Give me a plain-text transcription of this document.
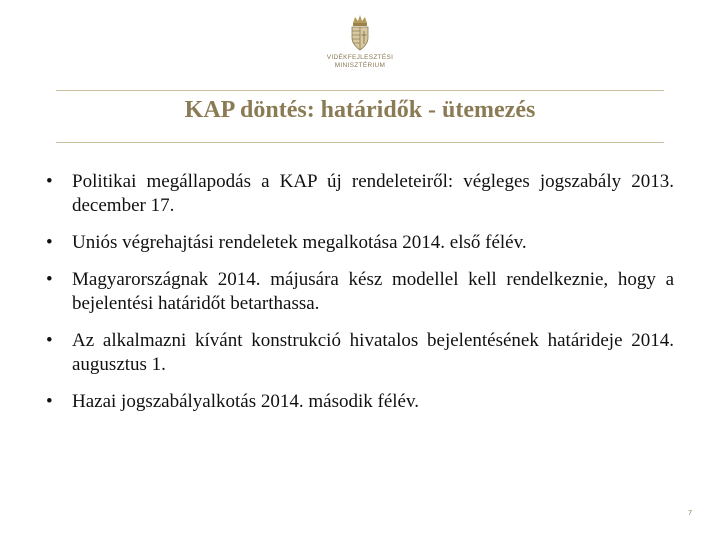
VIDÉKFEJLESZTÉSI
MINISZTÉRIUM
KAP döntés: határidők - ütemezés
• Politikai megállapodás a KAP új rendeleteiről: végleges jogszabály 2013. december 17.
• Uniós végrehajtási rendeletek megalkotása 2014. első félév.
• Magyarországnak 2014. májusára kész modellel kell rendelkeznie, hogy a bejelentési határidőt betarthassa.
• Az alkalmazni kívánt konstrukció hivatalos bejelentésének határideje 2014. augusztus 1.
• Hazai jogszabályalkotás 2014. második félév.
7
